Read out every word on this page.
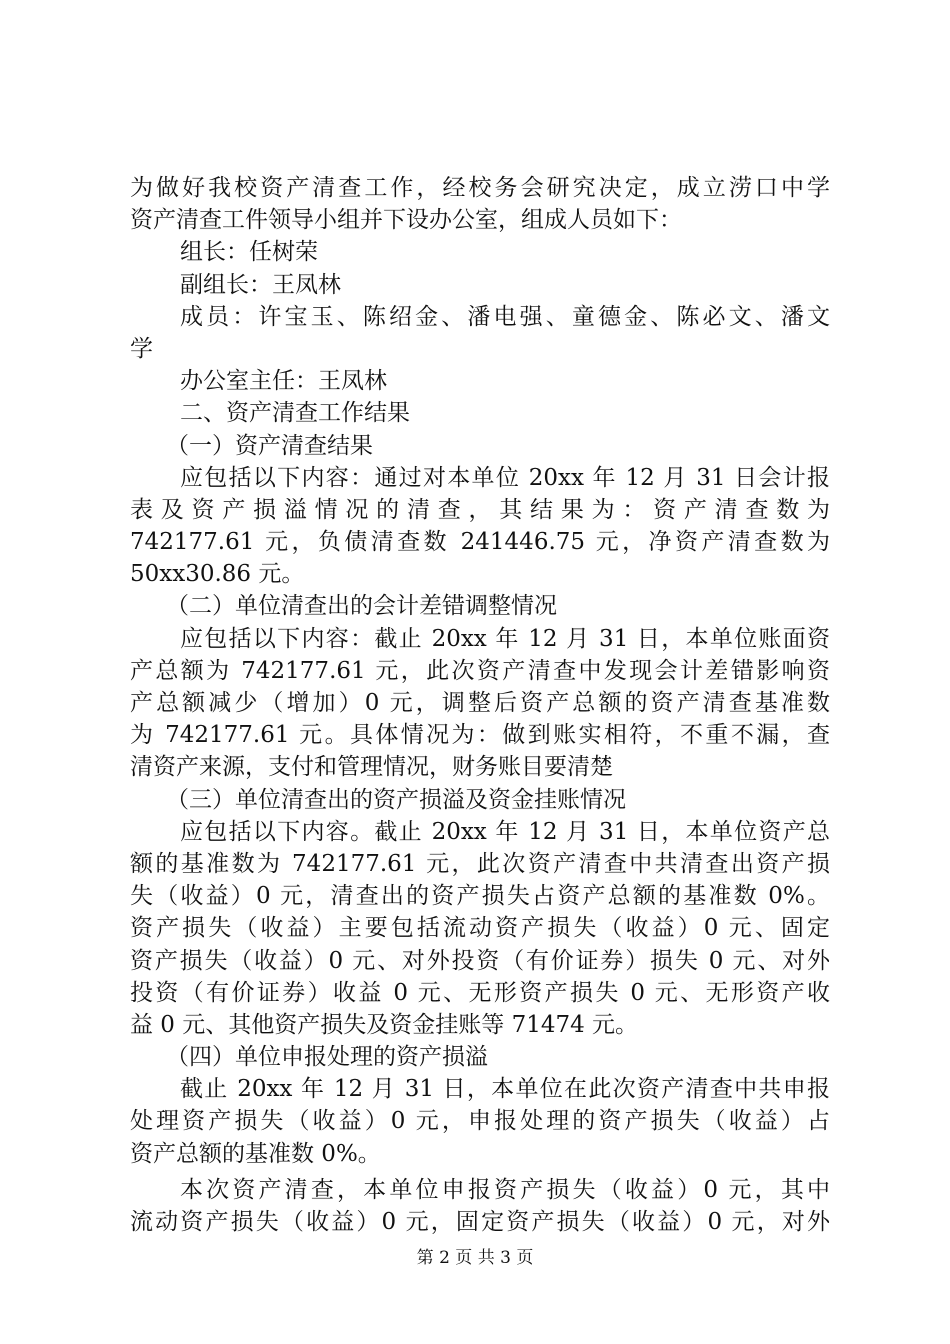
为做好我校资产清查工作，经校务会研究决定，成立涝口中学
资产清查工件领导小组并下设办公室，组成人员如下：
组长：任树荣
副组长：王凤林
成员：许宝玉、陈绍金、潘电强、童德金、陈必文、潘文
学
办公室主任：王凤林
二、资产清查工作结果
（一）资产清查结果
应包括以下内容：通过对本单位 20xx 年 12 月 31 日会计报
表及资产损溢情况的清查，其结果为：资产清查数为
742177.61 元，负债清查数 241446.75 元，净资产清查数为
50xx30.86 元。
（二）单位清查出的会计差错调整情况
应包括以下内容：截止 20xx 年 12 月 31 日，本单位账面资
产总额为 742177.61 元，此次资产清查中发现会计差错影响资
产总额减少（增加）0 元，调整后资产总额的资产清查基准数
为 742177.61 元。具体情况为：做到账实相符，不重不漏，查
清资产来源，支付和管理情况，财务账目要清楚
（三）单位清查出的资产损溢及资金挂账情况
应包括以下内容。截止 20xx 年 12 月 31 日，本单位资产总
额的基准数为 742177.61 元，此次资产清查中共清查出资产损
失（收益）0 元，清查出的资产损失占资产总额的基准数 0%。
资产损失（收益）主要包括流动资产损失（收益）0 元、固定
资产损失（收益）0 元、对外投资（有价证券）损失 0 元、对外
投资（有价证券）收益 0 元、无形资产损失 0 元、无形资产收
益 0 元、其他资产损失及资金挂账等 71474 元。
（四）单位申报处理的资产损溢
截止 20xx 年 12 月 31 日，本单位在此次资产清查中共申报
处理资产损失（收益）0 元，申报处理的资产损失（收益）占
资产总额的基准数 0%。
本次资产清查，本单位申报资产损失（收益）0 元，其中
流动资产损失（收益）0 元，固定资产损失（收益）0 元，对外
第 2 页 共 3 页
